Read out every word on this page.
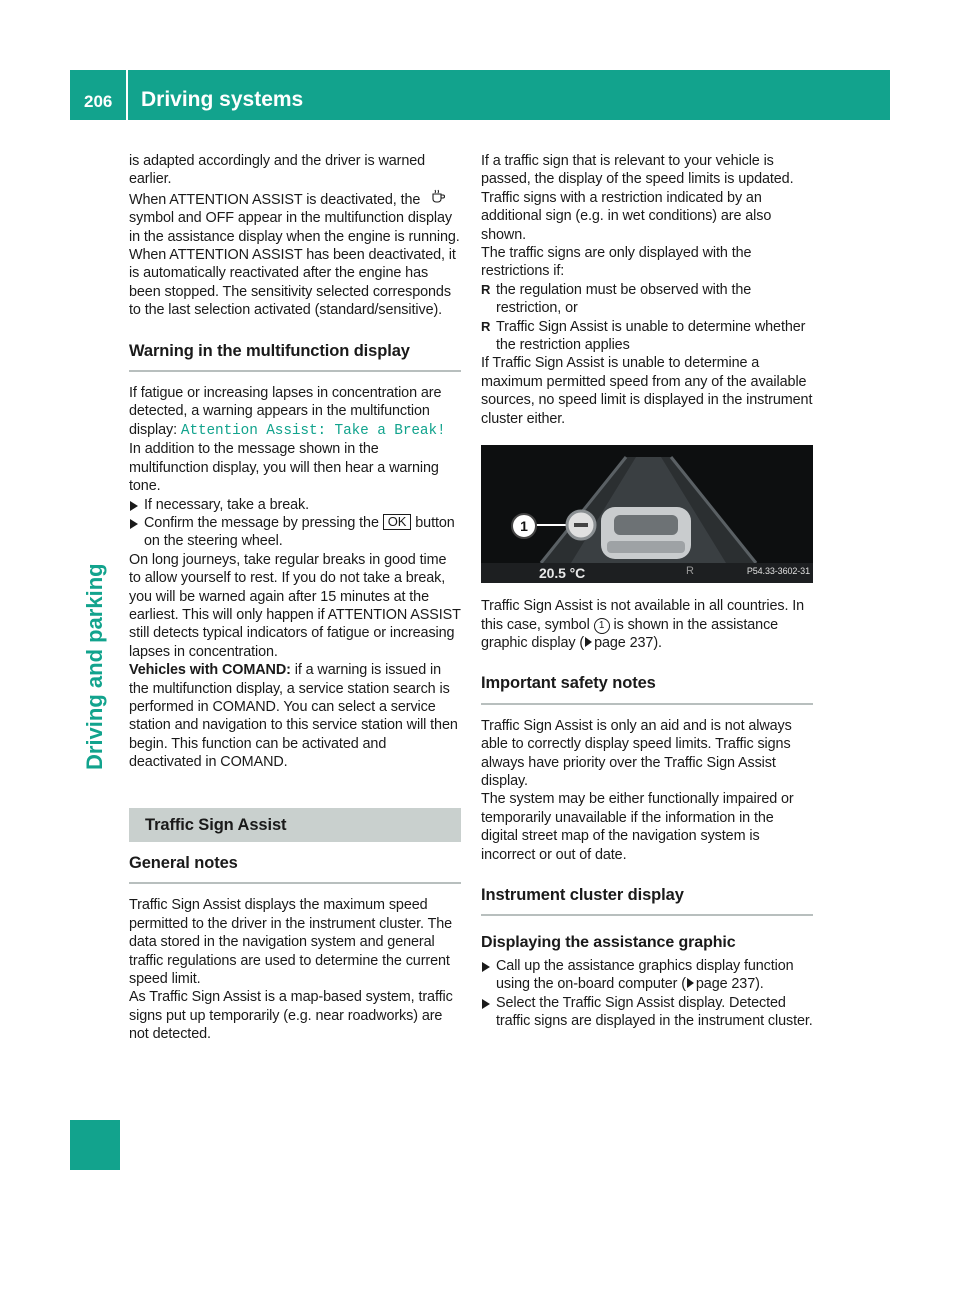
206	Driving systems
Driving and parking

is adapted accordingly and the driver is warned earlier.

When ATTENTION ASSIST is deactivated, the  symbol and OFF appear in the multifunction display in the assistance display when the engine is running.

When ATTENTION ASSIST has been deactivated, it is automatically reactivated after the engine has been stopped. The sensitivity selected corresponds to the last selection activated (standard/sensitive).

Warning in the multifunction display

If fatigue or increasing lapses in concentration are detected, a warning appears in the multifunction display: Attention Assist: Take a Break!

In addition to the message shown in the multifunction display, you will then hear a warning tone.

If necessary, take a break.

Confirm the message by pressing the OK button on the steering wheel.

On long journeys, take regular breaks in good time to allow yourself to rest. If you do not take a break, you will be warned again after 15 minutes at the earliest. This will only happen if ATTENTION ASSIST still detects typical indicators of fatigue or increasing lapses in concentration.

Vehicles with COMAND: if a warning is issued in the multifunction display, a service station search is performed in COMAND. You can select a service station and navigation to this service station will then begin. This function can be activated and deactivated in COMAND.

Traffic Sign Assist
General notes

Traffic Sign Assist displays the maximum speed permitted to the driver in the instrument cluster. The data stored in the navigation system and general traffic regulations are used to determine the current speed limit.

As Traffic Sign Assist is a map-based system, traffic signs put up temporarily (e.g. near roadworks) are not detected.

If a traffic sign that is relevant to your vehicle is passed, the display of the speed limits is updated.

Traffic signs with a restriction indicated by an additional sign (e.g. in wet conditions) are also shown.

The traffic signs are only displayed with the restrictions if:

R the regulation must be observed with the restriction, or

R Traffic Sign Assist is unable to determine whether the restriction applies

If Traffic Sign Assist is unable to determine a maximum permitted speed from any of the available sources, no speed limit is displayed in the instrument cluster either.

1
20.5 °C	R	P54.33-3602-31

Traffic Sign Assist is not available in all countries. In this case, symbol 1 is shown in the assistance graphic display ( page 237).

Important safety notes

Traffic Sign Assist is only an aid and is not always able to correctly display speed limits. Traffic signs always have priority over the Traffic Sign Assist display.

The system may be either functionally impaired or temporarily unavailable if the information in the digital street map of the navigation system is incorrect or out of date.

Instrument cluster display
Displaying the assistance graphic

Call up the assistance graphics display function using the on-board computer ( page 237).

Select the Traffic Sign Assist display. Detected traffic signs are displayed in the instrument cluster.
